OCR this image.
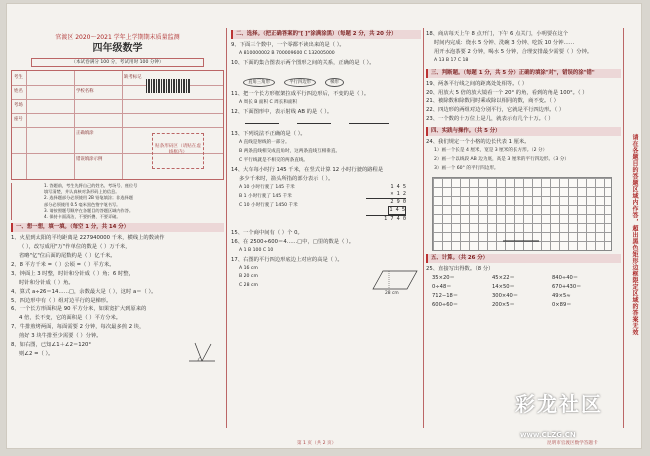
官渡区 2020～2021 学年上学期期末质量监测
四年级数学
（本试卷满分 100 分，考试用时 100 分钟）
考生
姓名
考场
座号
正确填涂
错误填涂示例
缺考标记
学校名称
贴条形码区（请贴在虚线框内）
1. 答题前，考生先将自己的姓名、考场号、座位号
填写清楚，并认真核对条形码上的信息。
2. 选择题部分必须使用 2B 铅笔填涂；非选择题
部分必须使用 0.5 毫米黑色签字笔书写。
3. 请按照题号顺序在各题目的答题区域内作答。
4. 保持卡面清洁，不要折叠、不要弄破。
一、想一想，填一填。（每空 1 分，共 14 分）
1、火星到太阳的平均距离是 227940000 千米，横线上的数读作
（ ），改写成用"万"作单位的数是（ ）万千米，
省略"亿"位后面的尾数约是（ ）亿千米。
2、8 平方千米 =（ ）公顷 =（ ）平方米。
3、钟面上 3 时整，时针和分针成（ ）角；6 时整，
时针和分针成（ ）角。
4、算式 a÷26＝14……□，余数最大是（ ），这时 a＝（ ）。
5、四边形中有（ ）组对边平行的是梯形。
6、一个长方形面积是 90 平方分米，如果宽扩大到原来的
4 倍，长不变，它的面积是（ ）平方分米。
7、牛排煎烤两面，每面需要 2 分钟，每次最多煎 2 块，
煎好 3 块牛排至少需要（ ）分钟。
8、如右图，已知∠1＋∠2＝120°
则∠2 =（ ）。
二、选择。（把正确答案的"[ ]"涂满涂黑）（每题 2 分，共 20 分）
9、下面三个数中，一个零都不读出来的是（ ）。
A 810000002 B 700009600 C 132005000
10、下面的集合图表示两个图形之间的关系，正确的是（ ）。
直角三角形	平行四边形	梯形
11、把一个长方形框架拉成平行四边形后，不变的是（ ）。
A 周长 B 面积 C 周长和面积
12、下面图形中，表示射线 AB 的是（ ）。
13、下列说法不正确的是（ ）。
A 直线是射线的一部分。
B 两条直线相交成直角时，这两条直线互相垂直。
C 平行线就是不相交的两条直线。
14、大车每小时行 145 千米，在竖式计算 12 小时行驶的路程是
多少千米时，箭头所指的部分表示（ ）。
A 10 小时行驶了 145 千米
B 1 小时行驶了 145 千米
C 10 小时行驶了 1450 千米
1 4 5
× 1 2
2 9 0
1 4 5
1 7 4 0
15、一个商中间有（ ）个 0。
16、在 2500÷600＝4……□中，□里的数是（ ）。
A 1 B 100 C 10
17、右图的平行四边形底边上对应的高是（ ）。
A 16 cm
B 20 cm
C 28 cm
28 cm
18、商店每天上午 8 点开门，下午 6 点关门，小明要在这个
时间内完成：烧水 5 分钟、洗碗 3 分钟、吃饭 10 分钟……
用开水泡茶要 2 分钟，喝水 5 分钟，合理安排最少需要（ ）分钟。
A 13 B 17 C 18
三、判断题。（每题 1 分，共 5 分）正确的填涂"对"，错误的涂"错"
19、两条平行线之间的距离处处相等。（ ）
20、用放大 5 倍的放大镜看一个 20° 的角，看到的角是 100°。（ ）
21、被除数和除数同时乘或除以相同的数，商不变。（ ）
22、四边形的两组对边分别平行，它就是平行四边形。（ ）
23、一个数的十万位上是几，就表示有几个十万。（ ）
四、实践与操作。（共 5 分）
24、我们规定一个小格的边长代表 1 厘米。
1）画一个长是 4 厘米，宽是 3 厘米的长方形。（2 分）
2）画一个以线段 AB 边为底，高是 3 厘米的平行四边形。（3 分）
3）画一个 60° 的平行四边形。
五、计算。（共 26 分）
25、直接写出得数。（8 分）
35×20＝	45×22＝	840÷40＝
0÷48＝	14×50＝	670+430＝
712−18＝	300×40＝	49×5≈
600÷60＝	200×5＝	0×89＝	请在各题目的答题区域内作答，超出黑色矩形边框限定区域的答案无效
第 1 页（共 2 页）	昆明市官渡区数学答题卡
彩龙社区
www.CLZG.CN
